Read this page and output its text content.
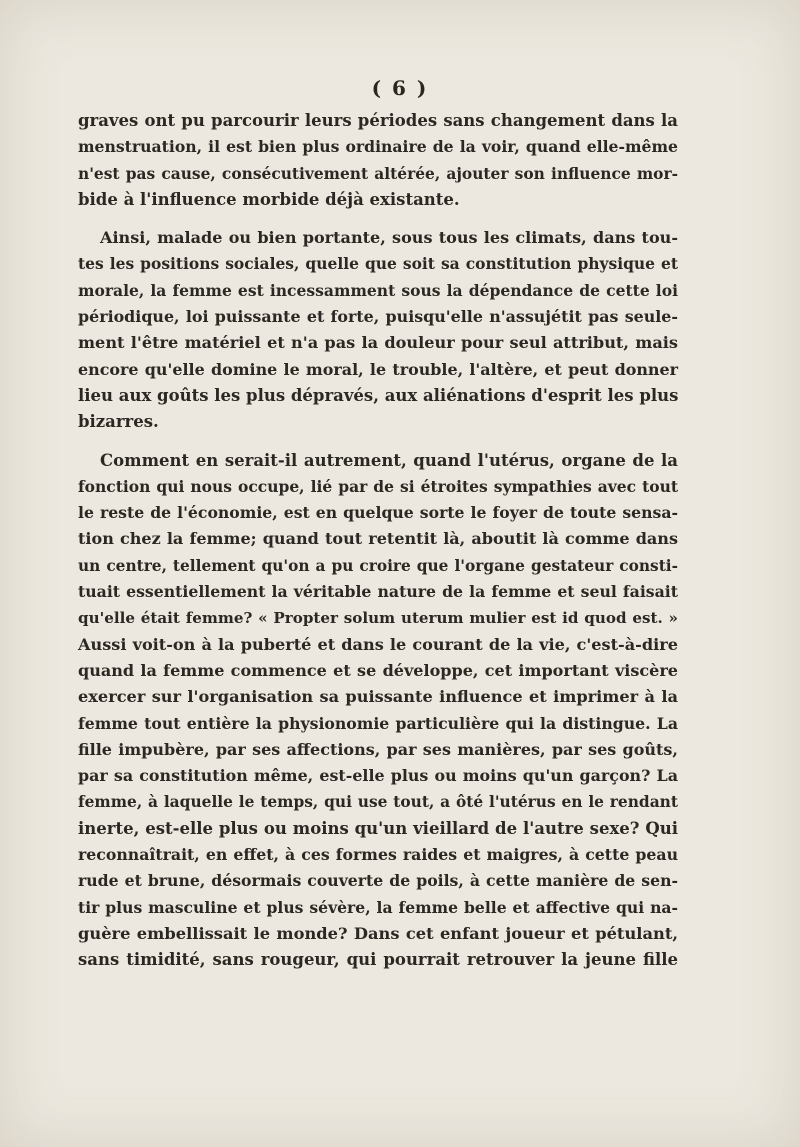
( 6 )
graves ont pu parcourir leurs périodes sans changement dans la
menstruation, il est bien plus ordinaire de la voir, quand elle-même
n'est pas cause, consécutivement altérée, ajouter son influence mor-
bide à l'influence morbide déjà existante.
Ainsi, malade ou bien portante, sous tous les climats, dans tou-
tes les positions sociales, quelle que soit sa constitution physique et
morale, la femme est incessamment sous la dépendance de cette loi
périodique, loi puissante et forte, puisqu'elle n'assujétit pas seule-
ment l'être matériel et n'a pas la douleur pour seul attribut, mais
encore qu'elle domine le moral, le trouble, l'altère, et peut donner
lieu aux goûts les plus dépravés, aux aliénations d'esprit les plus
bizarres.
Comment en serait-il autrement, quand l'utérus, organe de la
fonction qui nous occupe, lié par de si étroites sympathies avec tout
le reste de l'économie, est en quelque sorte le foyer de toute sensa-
tion chez la femme; quand tout retentit là, aboutit là comme dans
un centre, tellement qu'on a pu croire que l'organe gestateur consti-
tuait essentiellement la véritable nature de la femme et seul faisait
qu'elle était femme? « Propter solum uterum mulier est id quod est. »
Aussi voit-on à la puberté et dans le courant de la vie, c'est-à-dire
quand la femme commence et se développe, cet important viscère
exercer sur l'organisation sa puissante influence et imprimer à la
femme tout entière la physionomie particulière qui la distingue. La
fille impubère, par ses affections, par ses manières, par ses goûts,
par sa constitution même, est-elle plus ou moins qu'un garçon? La
femme, à laquelle le temps, qui use tout, a ôté l'utérus en le rendant
inerte, est-elle plus ou moins qu'un vieillard de l'autre sexe? Qui
reconnaîtrait, en effet, à ces formes raides et maigres, à cette peau
rude et brune, désormais couverte de poils, à cette manière de sen-
tir plus masculine et plus sévère, la femme belle et affective qui na-
guère embellissait le monde? Dans cet enfant joueur et pétulant,
sans timidité, sans rougeur, qui pourrait retrouver la jeune fille
